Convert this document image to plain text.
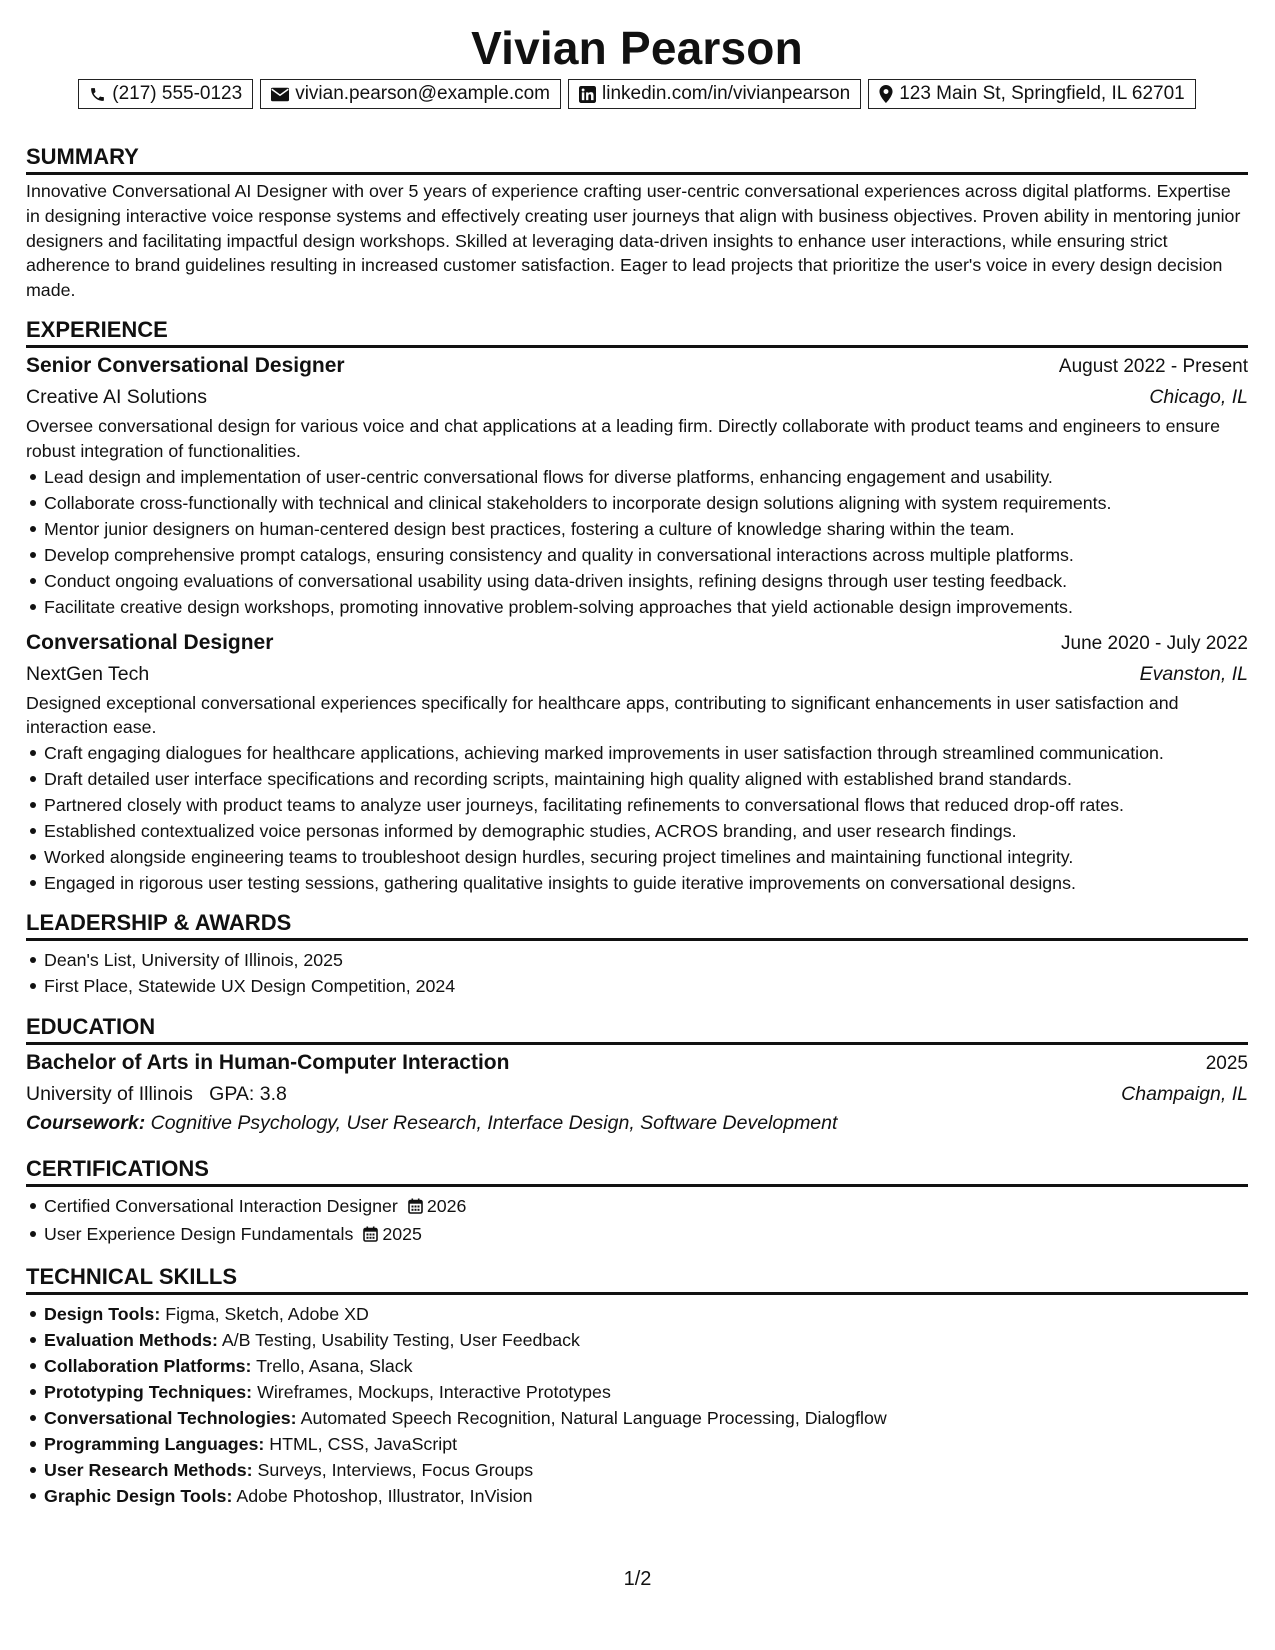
Vivian Pearson
(217) 555-0123	vivian.pearson@example.com	linkedin.com/in/vivianpearson	123 Main St, Springfield, IL 62701
SUMMARY
Innovative Conversational AI Designer with over 5 years of experience crafting user-centric conversational experiences across digital platforms. Expertise in designing interactive voice response systems and effectively creating user journeys that align with business objectives. Proven ability in mentoring junior designers and facilitating impactful design workshops. Skilled at leveraging data-driven insights to enhance user interactions, while ensuring strict adherence to brand guidelines resulting in increased customer satisfaction. Eager to lead projects that prioritize the user's voice in every design decision made.
EXPERIENCE
Senior Conversational Designer	August 2022 - Present
Creative AI Solutions	Chicago, IL
Oversee conversational design for various voice and chat applications at a leading firm. Directly collaborate with product teams and engineers to ensure robust integration of functionalities.
Lead design and implementation of user-centric conversational flows for diverse platforms, enhancing engagement and usability.
Collaborate cross-functionally with technical and clinical stakeholders to incorporate design solutions aligning with system requirements.
Mentor junior designers on human-centered design best practices, fostering a culture of knowledge sharing within the team.
Develop comprehensive prompt catalogs, ensuring consistency and quality in conversational interactions across multiple platforms.
Conduct ongoing evaluations of conversational usability using data-driven insights, refining designs through user testing feedback.
Facilitate creative design workshops, promoting innovative problem-solving approaches that yield actionable design improvements.
Conversational Designer	June 2020 - July 2022
NextGen Tech	Evanston, IL
Designed exceptional conversational experiences specifically for healthcare apps, contributing to significant enhancements in user satisfaction and interaction ease.
Craft engaging dialogues for healthcare applications, achieving marked improvements in user satisfaction through streamlined communication.
Draft detailed user interface specifications and recording scripts, maintaining high quality aligned with established brand standards.
Partnered closely with product teams to analyze user journeys, facilitating refinements to conversational flows that reduced drop-off rates.
Established contextualized voice personas informed by demographic studies, ACROS branding, and user research findings.
Worked alongside engineering teams to troubleshoot design hurdles, securing project timelines and maintaining functional integrity.
Engaged in rigorous user testing sessions, gathering qualitative insights to guide iterative improvements on conversational designs.
LEADERSHIP & AWARDS
Dean's List, University of Illinois, 2025
First Place, Statewide UX Design Competition, 2024
EDUCATION
Bachelor of Arts in Human-Computer Interaction	2025
University of Illinois GPA: 3.8	Champaign, IL
Coursework: Cognitive Psychology, User Research, Interface Design, Software Development
CERTIFICATIONS
Certified Conversational Interaction Designer 2026
User Experience Design Fundamentals 2025
TECHNICAL SKILLS
Design Tools: Figma, Sketch, Adobe XD
Evaluation Methods: A/B Testing, Usability Testing, User Feedback
Collaboration Platforms: Trello, Asana, Slack
Prototyping Techniques: Wireframes, Mockups, Interactive Prototypes
Conversational Technologies: Automated Speech Recognition, Natural Language Processing, Dialogflow
Programming Languages: HTML, CSS, JavaScript
User Research Methods: Surveys, Interviews, Focus Groups
Graphic Design Tools: Adobe Photoshop, Illustrator, InVision
1/2
